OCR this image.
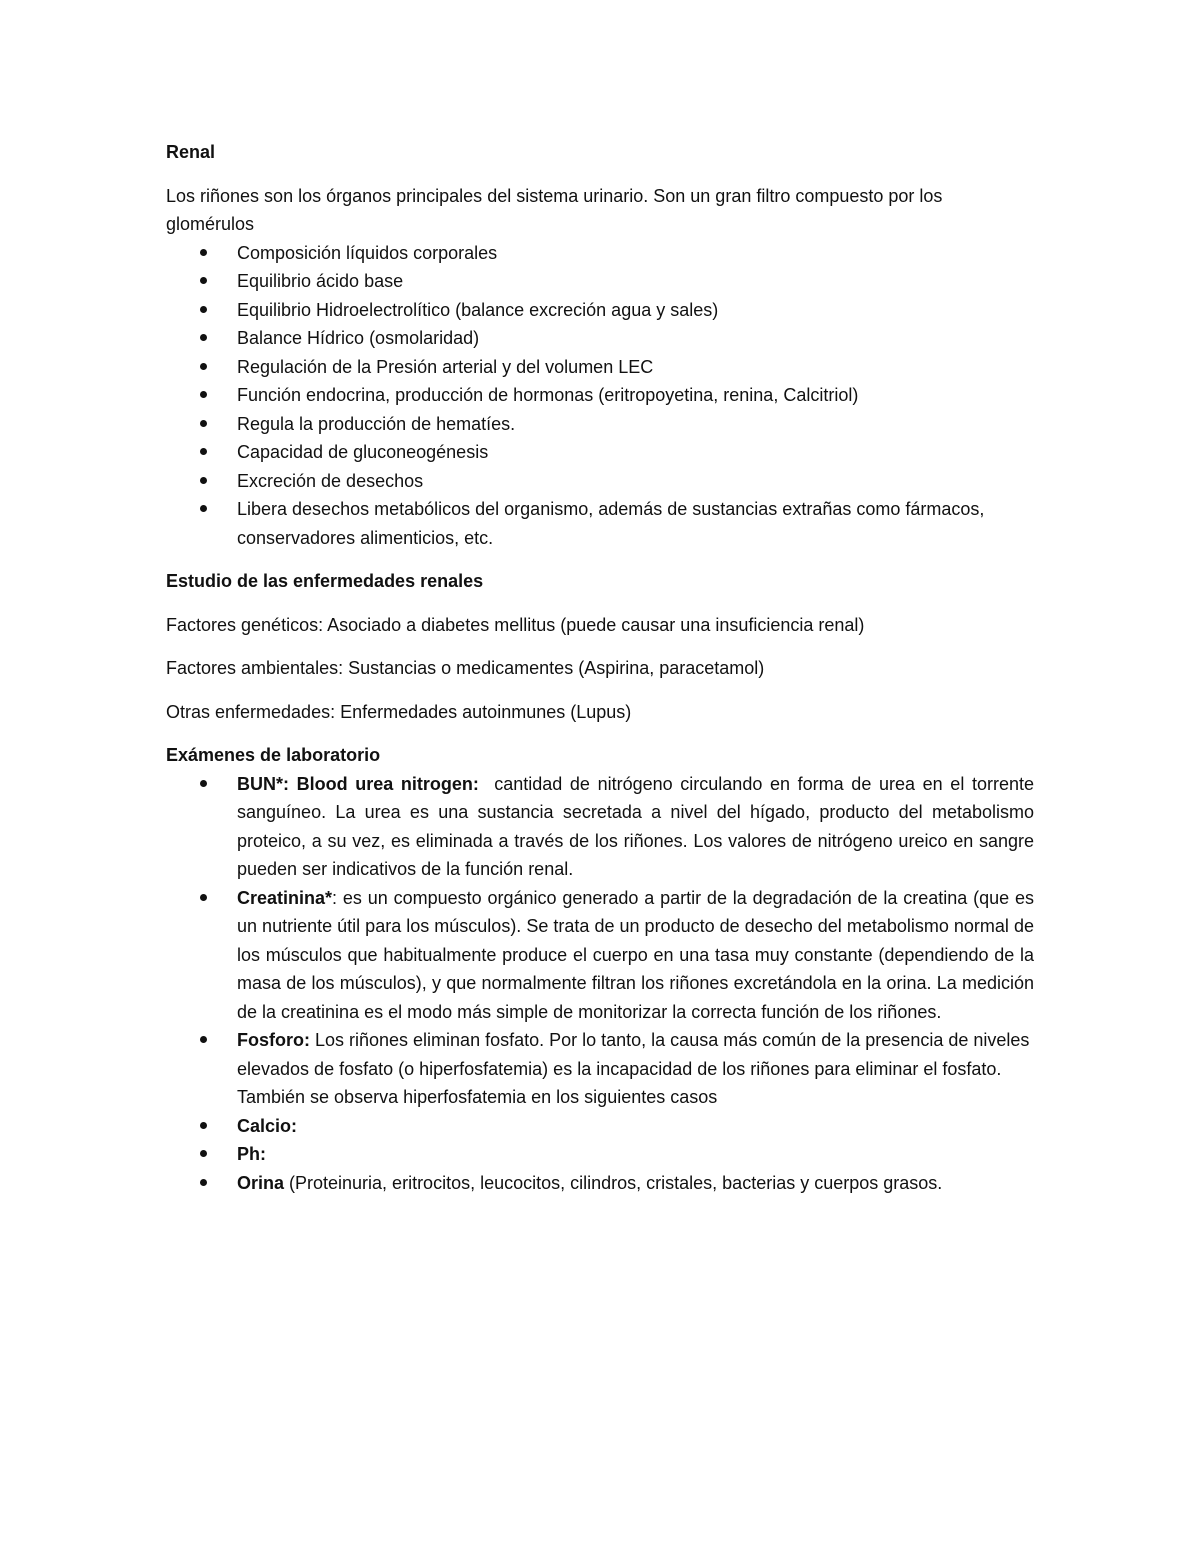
Renal

Los riñones son los órganos principales del sistema urinario. Son un gran filtro compuesto por los glomérulos

Composición líquidos corporales
Equilibrio ácido base
Equilibrio Hidroelectrolítico (balance excreción agua y sales)
Balance Hídrico (osmolaridad)
Regulación de la Presión arterial y del volumen LEC
Función endocrina, producción de hormonas (eritropoyetina, renina, Calcitriol)
Regula la producción de hematíes.
Capacidad de gluconeogénesis
Excreción de desechos
Libera desechos metabólicos del organismo, además de sustancias extrañas como fármacos, conservadores alimenticios, etc.

Estudio de las enfermedades renales

Factores genéticos: Asociado a diabetes mellitus (puede causar una insuficiencia renal)

Factores ambientales: Sustancias o medicamentes (Aspirina, paracetamol)

Otras enfermedades: Enfermedades autoinmunes (Lupus)

Exámenes de laboratorio

BUN*: Blood urea nitrogen:  cantidad de nitrógeno circulando en forma de urea en el torrente sanguíneo. La urea es una sustancia secretada a nivel del hígado, producto del metabolismo proteico, a su vez, es eliminada a través de los riñones. Los valores de nitrógeno ureico en sangre pueden ser indicativos de la función renal.
Creatinina*: es un compuesto orgánico generado a partir de la degradación de la creatina (que es un nutriente útil para los músculos). Se trata de un producto de desecho del metabolismo normal de los músculos que habitualmente produce el cuerpo en una tasa muy constante (dependiendo de la masa de los músculos), y que normalmente filtran los riñones excretándola en la orina. La medición de la creatinina es el modo más simple de monitorizar la correcta función de los riñones.
Fosforo: Los riñones eliminan fosfato. Por lo tanto, la causa más común de la presencia de niveles elevados de fosfato (o hiperfosfatemia) es la incapacidad de los riñones para eliminar el fosfato. También se observa hiperfosfatemia en los siguientes casos
Calcio:
Ph:
Orina (Proteinuria, eritrocitos, leucocitos, cilindros, cristales, bacterias y cuerpos grasos.
